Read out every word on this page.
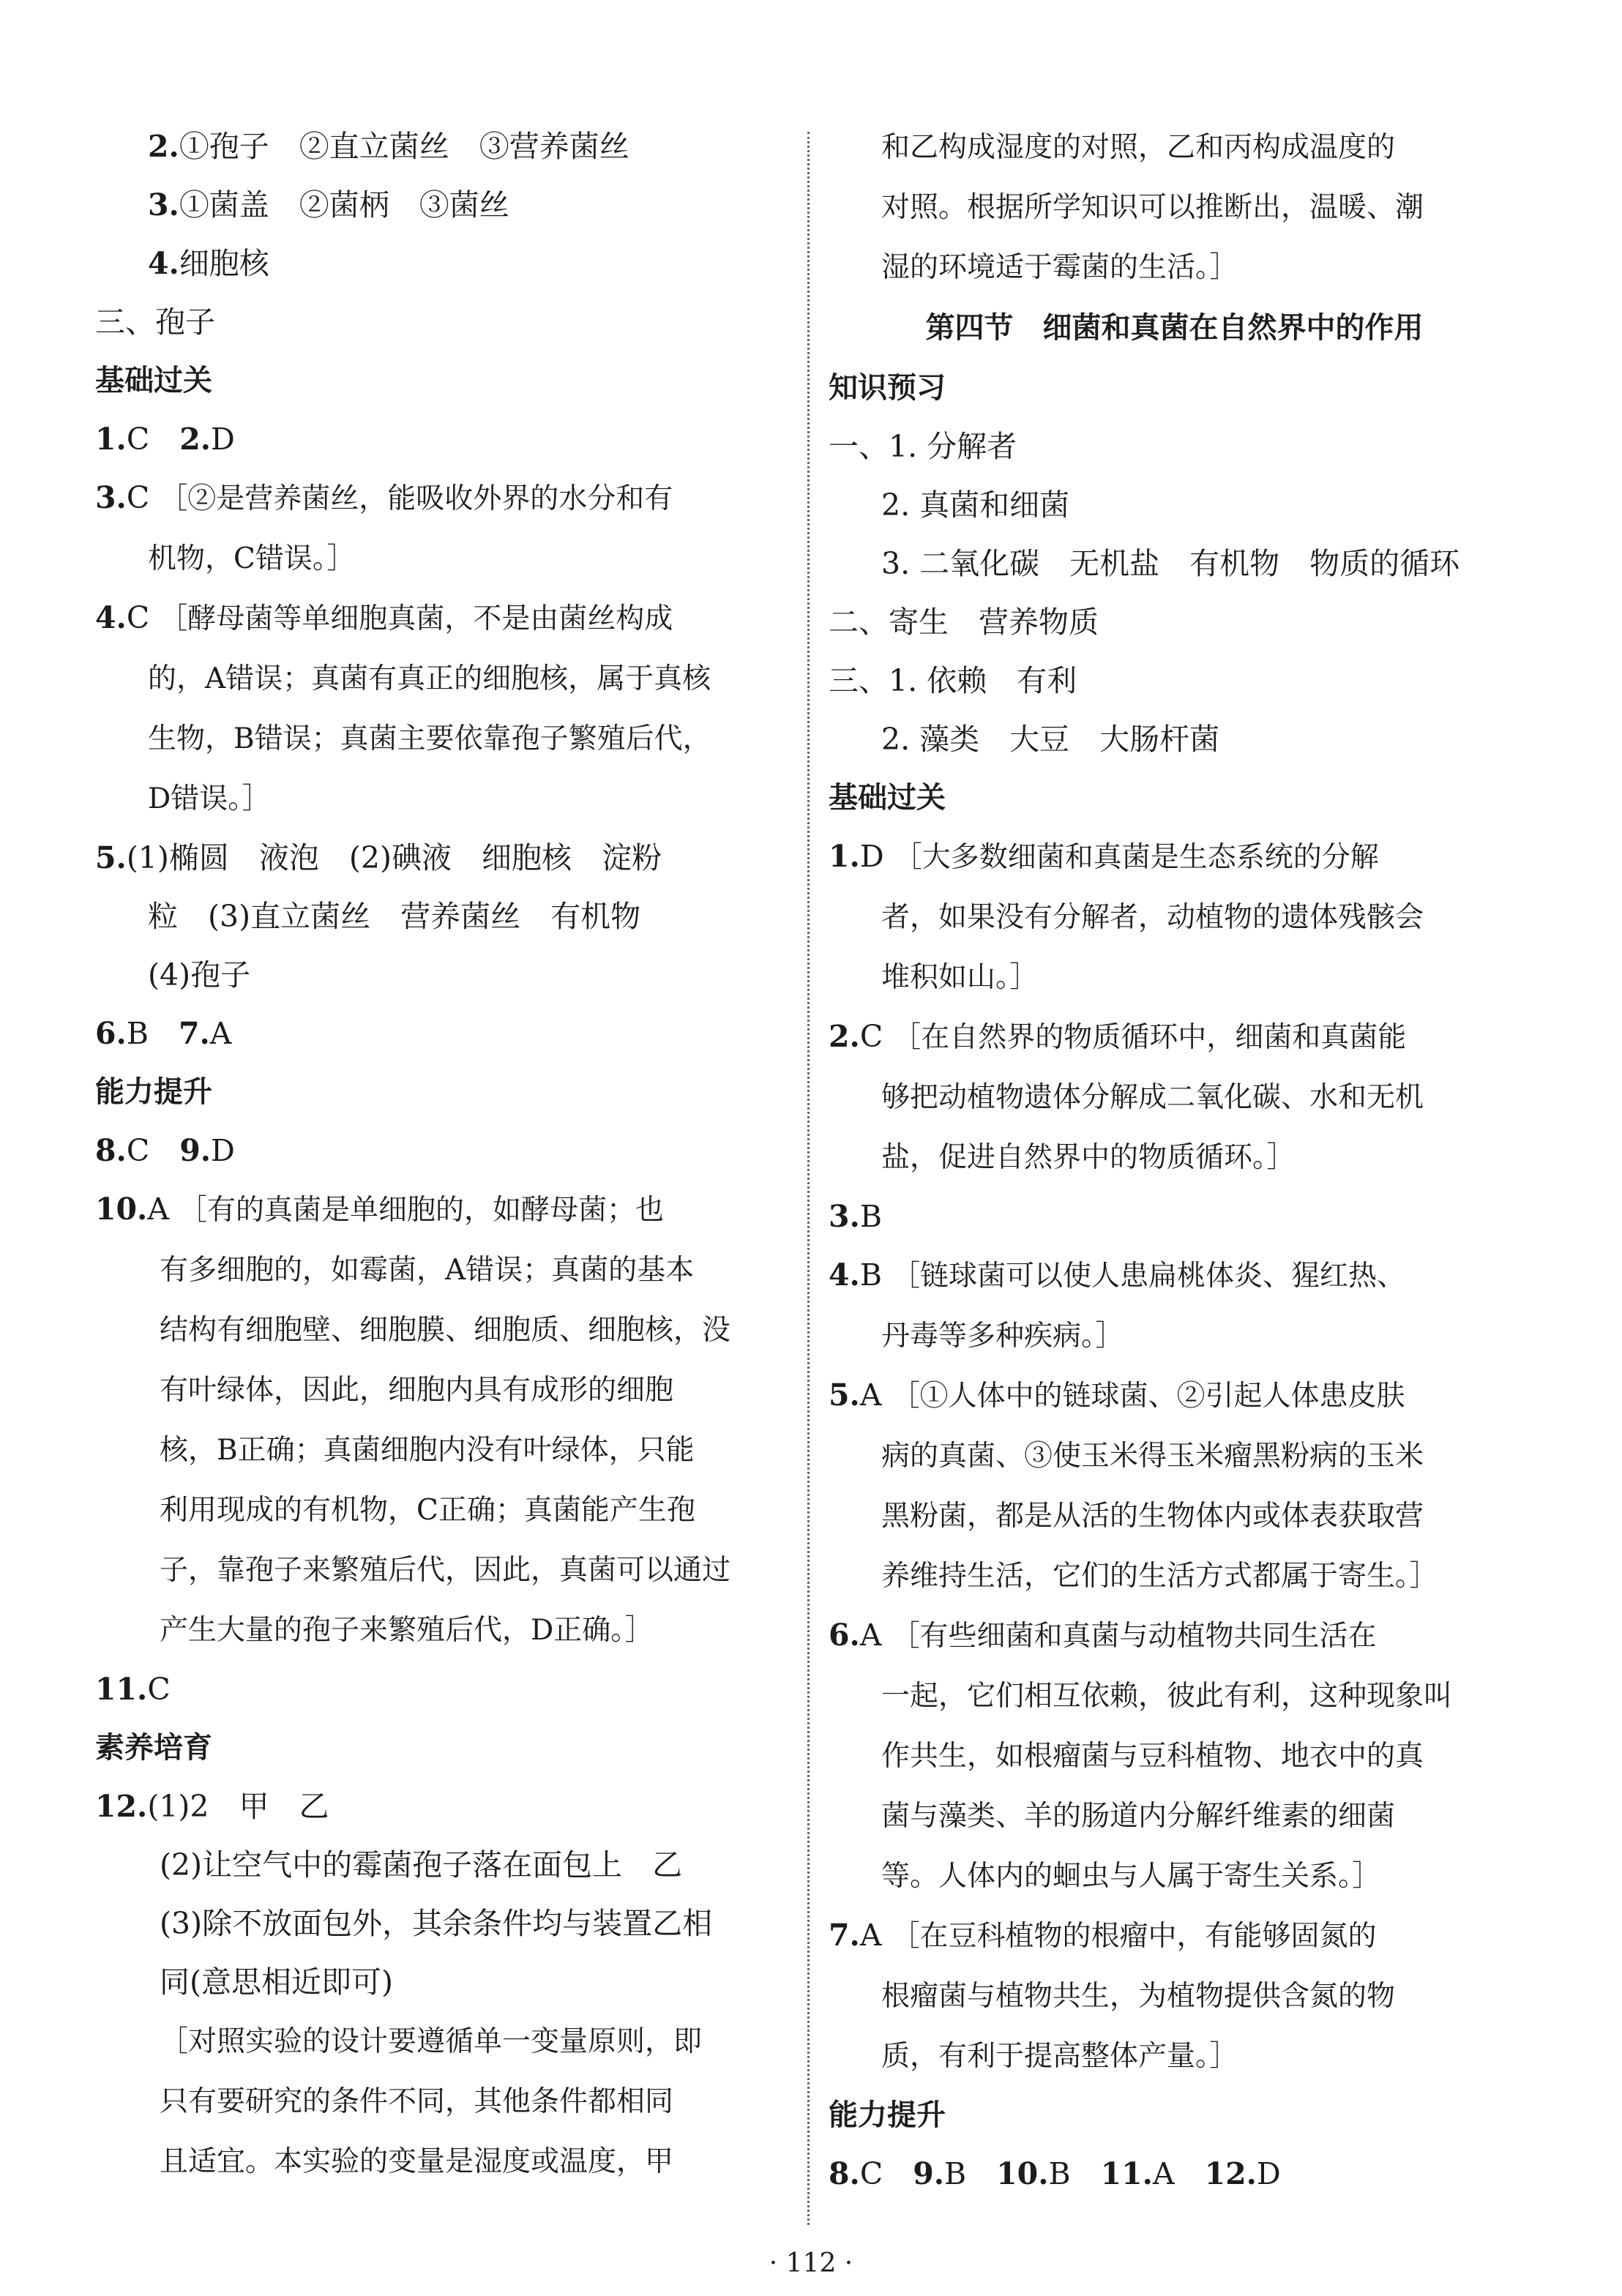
2.①孢子　②直立菌丝　③营养菌丝
3.①菌盖　②菌柄　③菌丝
4.细胞核
三、孢子
基础过关
1.C　2.D
3.C ［②是营养菌丝，能吸收外界的水分和有
机物，C错误。］
4.C ［酵母菌等单细胞真菌，不是由菌丝构成
的，A错误；真菌有真正的细胞核，属于真核
生物，B错误；真菌主要依靠孢子繁殖后代，
D错误。］
5.(1)椭圆　液泡　(2)碘液　细胞核　淀粉
粒　(3)直立菌丝　营养菌丝　有机物
(4)孢子
6.B　7.A
能力提升
8.C　9.D
10.A ［有的真菌是单细胞的，如酵母菌；也
有多细胞的，如霉菌，A错误；真菌的基本
结构有细胞壁、细胞膜、细胞质、细胞核，没
有叶绿体，因此，细胞内具有成形的细胞
核，B正确；真菌细胞内没有叶绿体，只能
利用现成的有机物，C正确；真菌能产生孢
子，靠孢子来繁殖后代，因此，真菌可以通过
产生大量的孢子来繁殖后代，D正确。］
11.C
素养培育
12.(1)2　甲　乙
(2)让空气中的霉菌孢子落在面包上　乙
(3)除不放面包外，其余条件均与装置乙相
同(意思相近即可)
［对照实验的设计要遵循单一变量原则，即
只有要研究的条件不同，其他条件都相同
且适宜。本实验的变量是湿度或温度，甲
和乙构成湿度的对照，乙和丙构成温度的
对照。根据所学知识可以推断出，温暖、潮
湿的环境适于霉菌的生活。］
第四节　细菌和真菌在自然界中的作用
知识预习
一、1. 分解者
2. 真菌和细菌
3. 二氧化碳　无机盐　有机物　物质的循环
二、寄生　营养物质
三、1. 依赖　有利
2. 藻类　大豆　大肠杆菌
基础过关
1.D ［大多数细菌和真菌是生态系统的分解
者，如果没有分解者，动植物的遗体残骸会
堆积如山。］
2.C ［在自然界的物质循环中，细菌和真菌能
够把动植物遗体分解成二氧化碳、水和无机
盐，促进自然界中的物质循环。］
3.B
4.B ［链球菌可以使人患扁桃体炎、猩红热、
丹毒等多种疾病。］
5.A ［①人体中的链球菌、②引起人体患皮肤
病的真菌、③使玉米得玉米瘤黑粉病的玉米
黑粉菌，都是从活的生物体内或体表获取营
养维持生活，它们的生活方式都属于寄生。］
6.A ［有些细菌和真菌与动植物共同生活在
一起，它们相互依赖，彼此有利，这种现象叫
作共生，如根瘤菌与豆科植物、地衣中的真
菌与藻类、羊的肠道内分解纤维素的细菌
等。人体内的蛔虫与人属于寄生关系。］
7.A ［在豆科植物的根瘤中，有能够固氮的
根瘤菌与植物共生，为植物提供含氮的物
质，有利于提高整体产量。］
能力提升
8.C　9.B　10.B　11.A　12.D
· 112 ·
